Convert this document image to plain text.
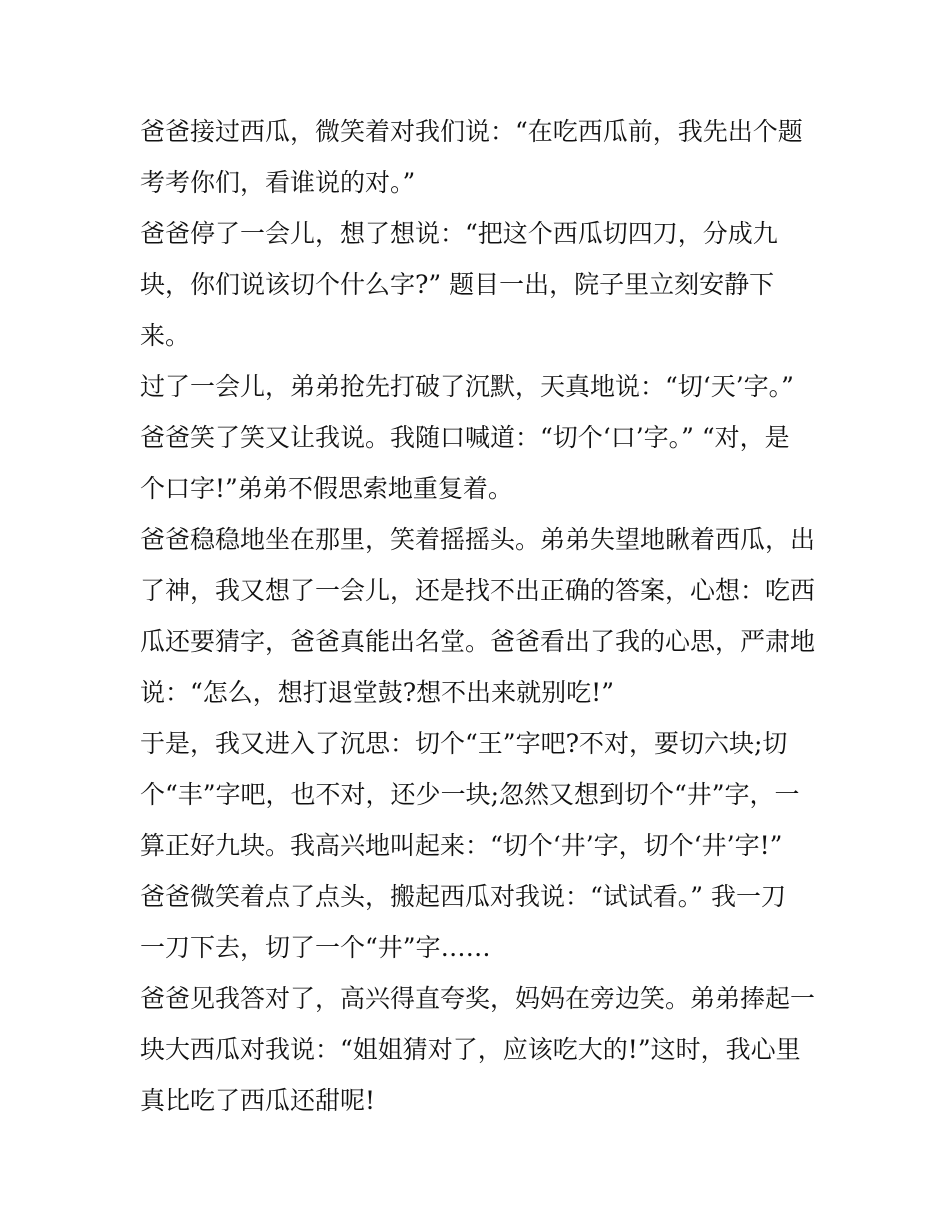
爸爸接过西瓜，微笑着对我们说：“在吃西瓜前，我先出个题
考考你们，看谁说的对。”
爸爸停了一会儿，想了想说：“把这个西瓜切四刀，分成九
块，你们说该切个什么字?” 题目一出，院子里立刻安静下
来。
过了一会儿，弟弟抢先打破了沉默，天真地说：“切‘天’字。”
爸爸笑了笑又让我说。我随口喊道：“切个‘口’字。” “对，是
个口字!”弟弟不假思索地重复着。
爸爸稳稳地坐在那里，笑着摇摇头。弟弟失望地瞅着西瓜，出
了神，我又想了一会儿，还是找不出正确的答案，心想：吃西
瓜还要猜字，爸爸真能出名堂。爸爸看出了我的心思，严肃地
说：“怎么，想打退堂鼓?想不出来就别吃!”
于是，我又进入了沉思：切个“王”字吧?不对，要切六块;切
个“丰”字吧，也不对，还少一块;忽然又想到切个“井”字，一
算正好九块。我高兴地叫起来：“切个‘井’字，切个‘井’字!”
爸爸微笑着点了点头，搬起西瓜对我说：“试试看。” 我一刀
一刀下去，切了一个“井”字……
爸爸见我答对了，高兴得直夸奖，妈妈在旁边笑。弟弟捧起一
块大西瓜对我说：“姐姐猜对了，应该吃大的!”这时，我心里
真比吃了西瓜还甜呢!
